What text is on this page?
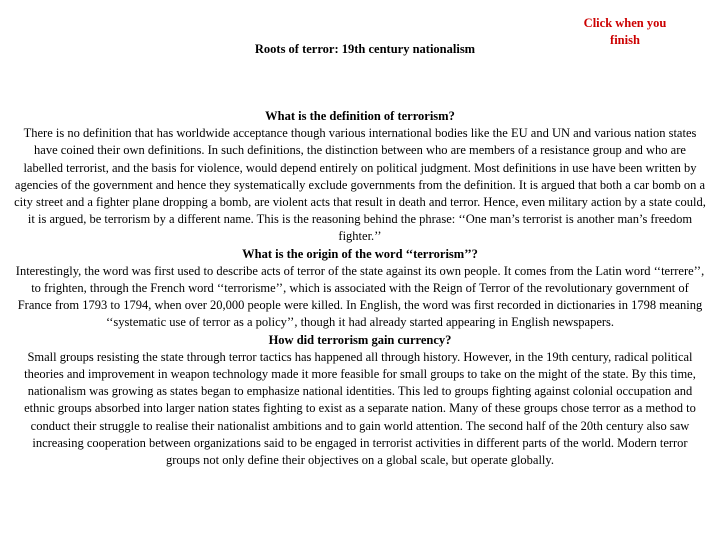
Roots of terror: 19th century nationalism
Click when you finish

What is the definition of terrorism?

There is no definition that has worldwide acceptance though various international bodies like the EU and UN and various nation states have coined their own definitions. In such definitions, the distinction between who are members of a resistance group and who are labelled terrorist, and the basis for violence, would depend entirely on political judgment. Most definitions in use have been written by agencies of the government and hence they systematically exclude governments from the definition. It is argued that both a car bomb on a city street and a fighter plane dropping a bomb, are violent acts that result in death and terror. Hence, even military action by a state could, it is argued, be terrorism by a different name. This is the reasoning behind the phrase: ‘‘One man’s terrorist is another man’s freedom fighter.’’

What is the origin of the word ‘‘terrorism’’?

Interestingly, the word was first used to describe acts of terror of the state against its own people. It comes from the Latin word ‘‘terrere’’, to frighten, through the French word ‘‘terrorisme’’, which is associated with the Reign of Terror of the revolutionary government of France from 1793 to 1794, when over 20,000 people were killed. In English, the word was first recorded in dictionaries in 1798 meaning ‘‘systematic use of terror as a policy’’, though it had already started appearing in English newspapers.

How did terrorism gain currency?

Small groups resisting the state through terror tactics has happened all through history. However, in the 19th century, radical political theories and improvement in weapon technology made it more feasible for small groups to take on the might of the state. By this time, nationalism was growing as states began to emphasize national identities. This led to groups fighting against colonial occupation and ethnic groups absorbed into larger nation states fighting to exist as a separate nation. Many of these groups chose terror as a method to conduct their struggle to realise their nationalist ambitions and to gain world attention. The second half of the 20th century also saw increasing cooperation between organizations said to be engaged in terrorist activities in different parts of the world. Modern terror groups not only define their objectives on a global scale, but operate globally.
